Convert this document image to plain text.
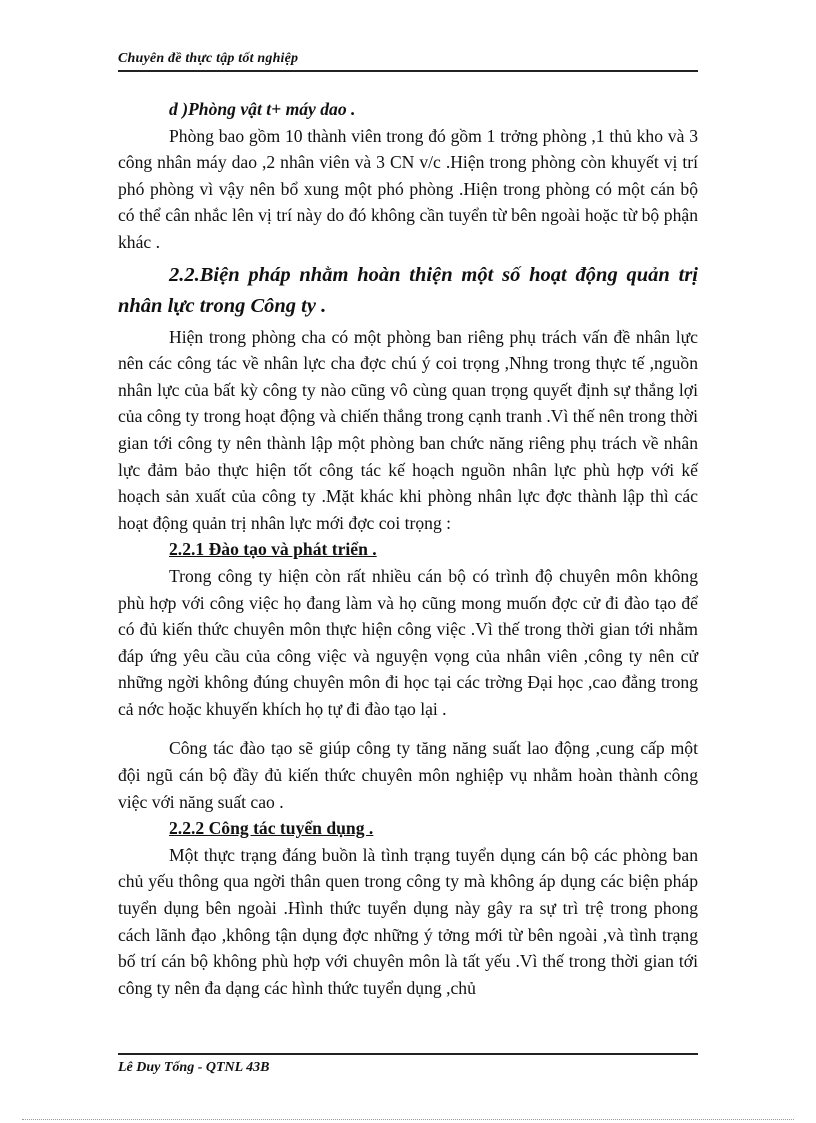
Chuyên đề thực tập tốt nghiệp

d )Phòng vật t+ máy dao .

Phòng bao gồm 10 thành viên trong đó gồm 1 trởng phòng ,1 thủ kho và 3 công nhân máy dao ,2 nhân viên và 3 CN v/c .Hiện trong phòng còn khuyết vị trí phó phòng vì vậy nên bổ xung một phó phòng .Hiện trong phòng có một cán bộ có thể cân nhắc lên vị trí này do đó không cần tuyển từ bên ngoài hoặc từ bộ phận khác .

2.2.Biện pháp nhằm hoàn thiện một số hoạt động quản trị nhân lực trong Công ty .

Hiện trong phòng cha có một phòng ban riêng phụ trách vấn đề nhân lực nên các công tác về nhân lực cha đợc chú ý coi trọng ,Nhng trong thực tế ,nguồn nhân lực của bất kỳ công ty nào cũng vô cùng quan trọng quyết định sự thắng lợi của công ty trong hoạt động và chiến thắng trong cạnh tranh .Vì thế nên trong thời gian tới công ty nên thành lập một phòng ban chức năng riêng phụ trách về nhân lực đảm bảo thực hiện tốt công tác kế hoạch nguồn nhân lực phù hợp với kế hoạch sản xuất của công ty .Mặt khác khi phòng nhân lực đợc thành lập thì các hoạt động quản trị nhân lực mới đợc coi trọng :

2.2.1 Đào tạo và phát triển .

Trong công ty hiện còn rất nhiều cán bộ có trình độ chuyên môn không phù hợp với công việc họ đang làm và họ cũng mong muốn đợc cử đi đào tạo để có đủ kiến thức chuyên môn thực hiện công việc .Vì thế trong thời gian tới nhằm đáp ứng yêu cầu của công việc và nguyện vọng của nhân viên ,công ty nên cử những ngời không đúng chuyên môn đi học tại các trờng Đại học ,cao đẳng trong cả nớc hoặc khuyến khích họ tự đi đào tạo lại .

Công tác đào tạo sẽ giúp công ty tăng năng suất lao động ,cung cấp một đội ngũ cán bộ đầy đủ kiến thức chuyên môn nghiệp vụ nhằm hoàn thành công việc với năng suất cao .

2.2.2 Công tác tuyển dụng .

Một thực trạng đáng buồn là tình trạng tuyển dụng cán bộ các phòng ban chủ yếu thông qua ngời thân quen trong công ty mà không áp dụng các biện pháp tuyển dụng bên ngoài .Hình thức tuyển dụng này gây ra sự trì trệ trong phong cách lãnh đạo ,không tận dụng đợc những ý tởng mới từ bên ngoài ,và tình trạng bố trí cán bộ không phù hợp với chuyên môn là tất yếu .Vì thế trong thời gian tới công ty nên đa dạng các hình thức tuyển dụng ,chủ

Lê Duy Tống - QTNL 43B
